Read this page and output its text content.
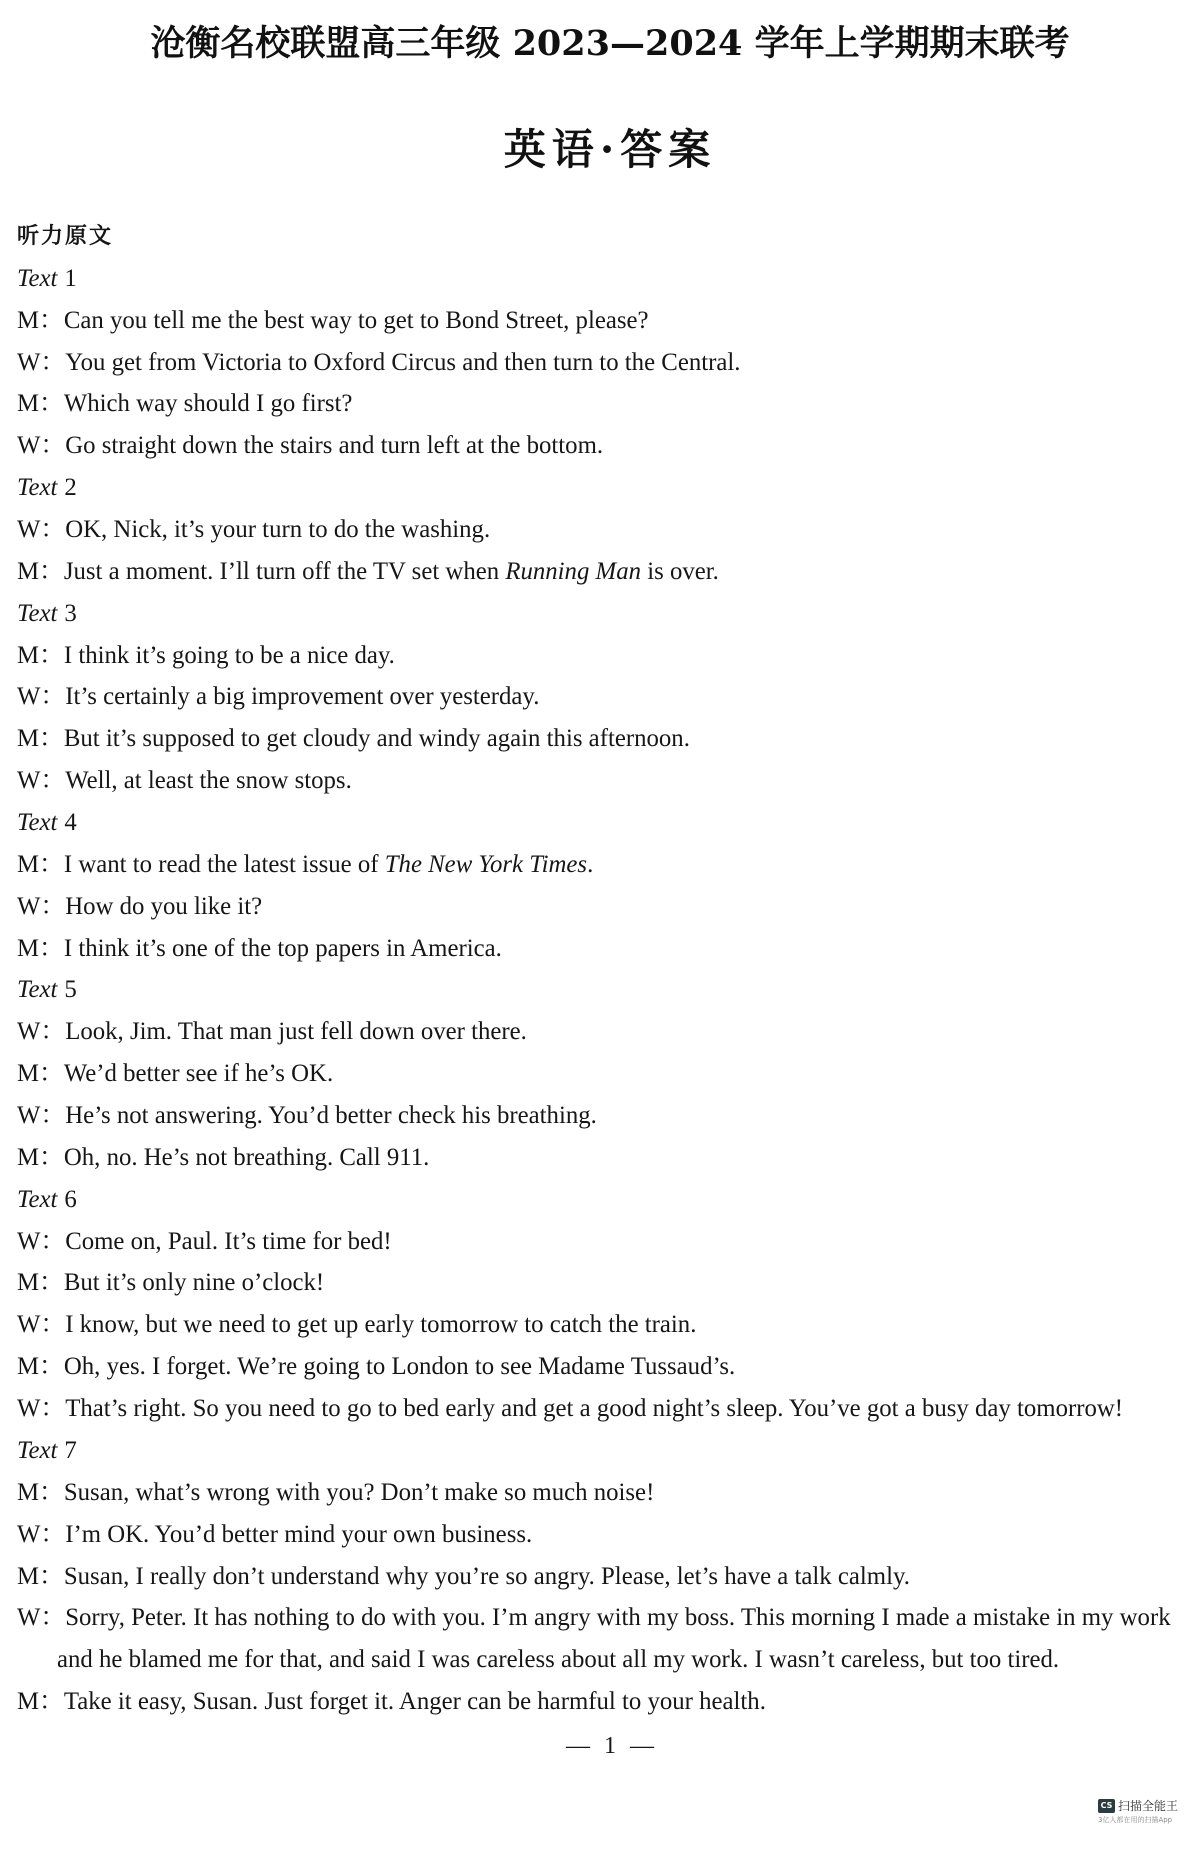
沧衡名校联盟高三年级 2023—2024 学年上学期期末联考
英语·答案
听力原文
Text 1
M：Can you tell me the best way to get to Bond Street, please?
W：You get from Victoria to Oxford Circus and then turn to the Central.
M：Which way should I go first?
W：Go straight down the stairs and turn left at the bottom.
Text 2
W：OK, Nick, it’s your turn to do the washing.
M：Just a moment. I’ll turn off the TV set when Running Man is over.
Text 3
M：I think it’s going to be a nice day.
W：It’s certainly a big improvement over yesterday.
M：But it’s supposed to get cloudy and windy again this afternoon.
W：Well, at least the snow stops.
Text 4
M：I want to read the latest issue of The New York Times.
W：How do you like it?
M：I think it’s one of the top papers in America.
Text 5
W：Look, Jim. That man just fell down over there.
M：We’d better see if he’s OK.
W：He’s not answering. You’d better check his breathing.
M：Oh, no. He’s not breathing. Call 911.
Text 6
W：Come on, Paul. It’s time for bed!
M：But it’s only nine o’clock!
W：I know, but we need to get up early tomorrow to catch the train.
M：Oh, yes. I forget. We’re going to London to see Madame Tussaud’s.
W：That’s right. So you need to go to bed early and get a good night’s sleep. You’ve got a busy day tomorrow!
Text 7
M：Susan, what’s wrong with you? Don’t make so much noise!
W：I’m OK. You’d better mind your own business.
M：Susan, I really don’t understand why you’re so angry. Please, let’s have a talk calmly.
W：Sorry, Peter. It has nothing to do with you. I’m angry with my boss. This morning I made a mistake in my work
and he blamed me for that, and said I was careless about all my work. I wasn’t careless, but too tired.
M：Take it easy, Susan. Just forget it. Anger can be harmful to your health.
— 1 —
CS 扫描全能王
3亿人都在用的扫描App
